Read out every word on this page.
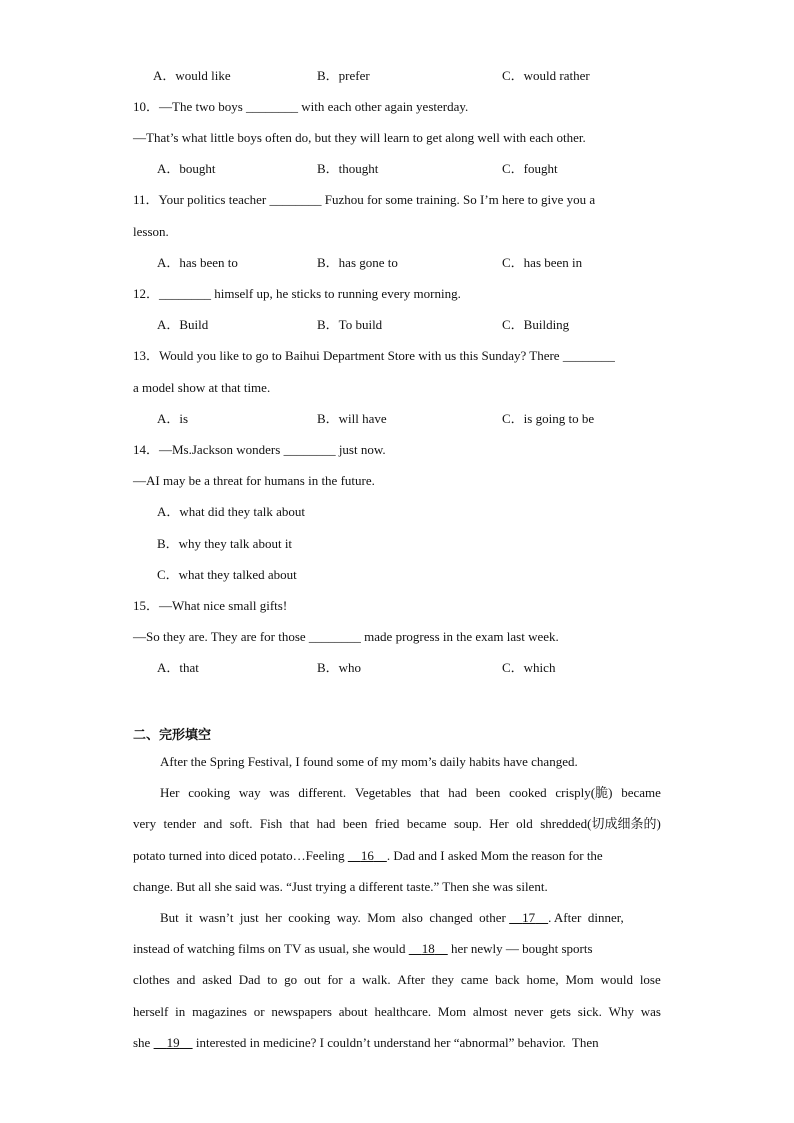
A．would like	B．prefer	C．would rather
10．—The two boys ________ with each other again yesterday.
—That’s what little boys often do, but they will learn to get along well with each other.
A．bought	B．thought	C．fought
11．Your politics teacher ________ Fuzhou for some training. So I’m here to give you a
lesson.
A．has been to	B．has gone to	C．has been in
12．________ himself up, he sticks to running every morning.
A．Build	B．To build	C．Building
13．Would you like to go to Baihui Department Store with us this Sunday? There ________
a model show at that time.
A．is	B．will have	C．is going to be
14．—Ms.Jackson wonders ________ just now.
—AI may be a threat for humans in the future.
A．what did they talk about
B．why they talk about it
C．what they talked about
15．—What nice small gifts!
—So they are. They are for those ________ made progress in the exam last week.
A．that	B．who	C．which
二、完形填空
After the Spring Festival, I found some of my mom’s daily habits have changed.
Her cooking way was different. Vegetables that had been cooked crisply(脆) became
very tender and soft. Fish that had been fried became soup. Her old shredded(切成细条的)
potato turned into diced potato…Feeling     16 . Dad and I asked Mom the reason for the
change. But all she said was. “Just trying a different taste.” Then she was silent.
But  it  wasn’t  just  her  cooking  way.  Mom  also  changed  other     17 . After  dinner,
instead of watching films on TV as usual, she would     18     her newly — bought sports
clothes and asked Dad to go out for a walk. After they came back home, Mom would lose
herself in magazines or newspapers about healthcare. Mom almost never gets sick. Why was
she     19     interested in medicine? I couldn’t understand her “abnormal” behavior.  Then
